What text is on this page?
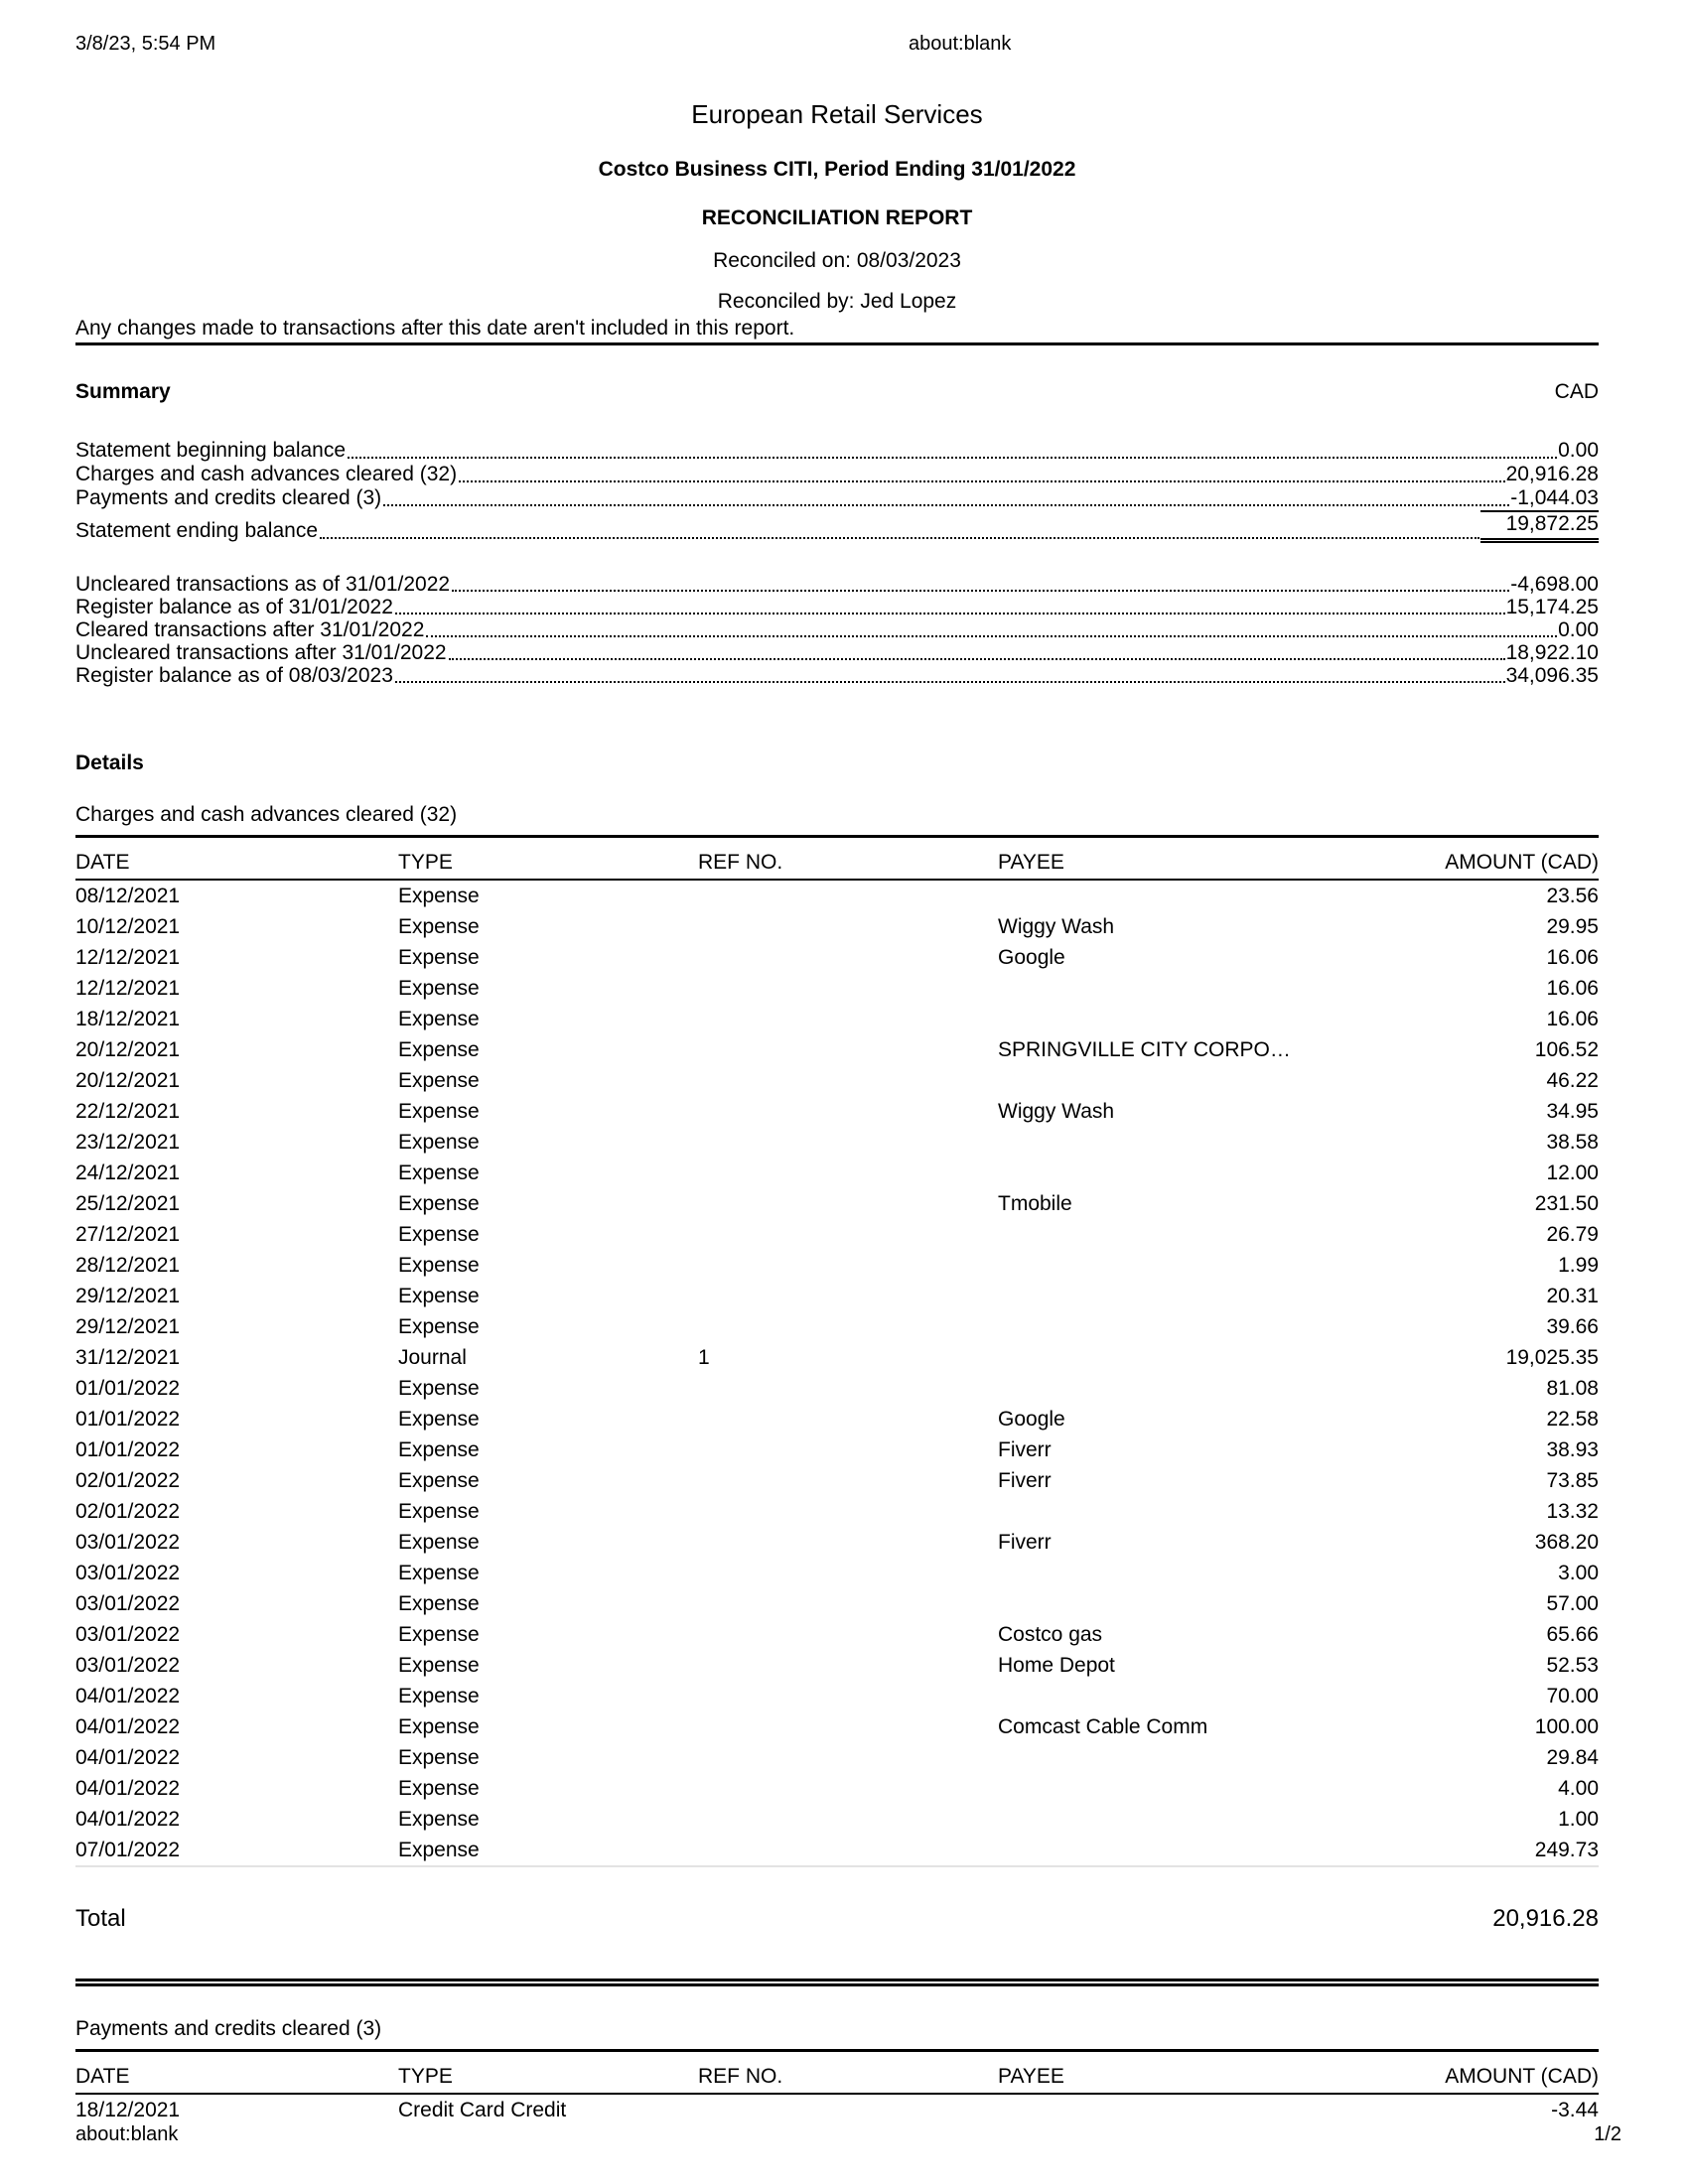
3/8/23, 5:54 PM	about:blank
European Retail Services
Costco Business CITI, Period Ending 31/01/2022
RECONCILIATION REPORT
Reconciled on: 08/03/2023
Reconciled by: Jed Lopez
Any changes made to transactions after this date aren't included in this report.
Summary	CAD
Statement beginning balance	0.00
Charges and cash advances cleared (32)	20,916.28
Payments and credits cleared (3)	-1,044.03
Statement ending balance	19,872.25
Uncleared transactions as of 31/01/2022	-4,698.00
Register balance as of 31/01/2022	15,174.25
Cleared transactions after 31/01/2022	0.00
Uncleared transactions after 31/01/2022	18,922.10
Register balance as of 08/03/2023	34,096.35
Details
Charges and cash advances cleared (32)
DATE	TYPE	REF NO.	PAYEE	AMOUNT (CAD)
08/12/2021	Expense			23.56
10/12/2021	Expense		Wiggy Wash	29.95
12/12/2021	Expense		Google	16.06
12/12/2021	Expense			16.06
18/12/2021	Expense			16.06
20/12/2021	Expense		SPRINGVILLE CITY CORPO…	106.52
20/12/2021	Expense			46.22
22/12/2021	Expense		Wiggy Wash	34.95
23/12/2021	Expense			38.58
24/12/2021	Expense			12.00
25/12/2021	Expense		Tmobile	231.50
27/12/2021	Expense			26.79
28/12/2021	Expense			1.99
29/12/2021	Expense			20.31
29/12/2021	Expense			39.66
31/12/2021	Journal	1		19,025.35
01/01/2022	Expense			81.08
01/01/2022	Expense		Google	22.58
01/01/2022	Expense		Fiverr	38.93
02/01/2022	Expense		Fiverr	73.85
02/01/2022	Expense			13.32
03/01/2022	Expense		Fiverr	368.20
03/01/2022	Expense			3.00
03/01/2022	Expense			57.00
03/01/2022	Expense		Costco gas	65.66
03/01/2022	Expense		Home Depot	52.53
04/01/2022	Expense			70.00
04/01/2022	Expense		Comcast Cable Comm	100.00
04/01/2022	Expense			29.84
04/01/2022	Expense			4.00
04/01/2022	Expense			1.00
07/01/2022	Expense			249.73
Total	20,916.28
Payments and credits cleared (3)
DATE	TYPE	REF NO.	PAYEE	AMOUNT (CAD)
18/12/2021	Credit Card Credit			-3.44
about:blank	1/2
